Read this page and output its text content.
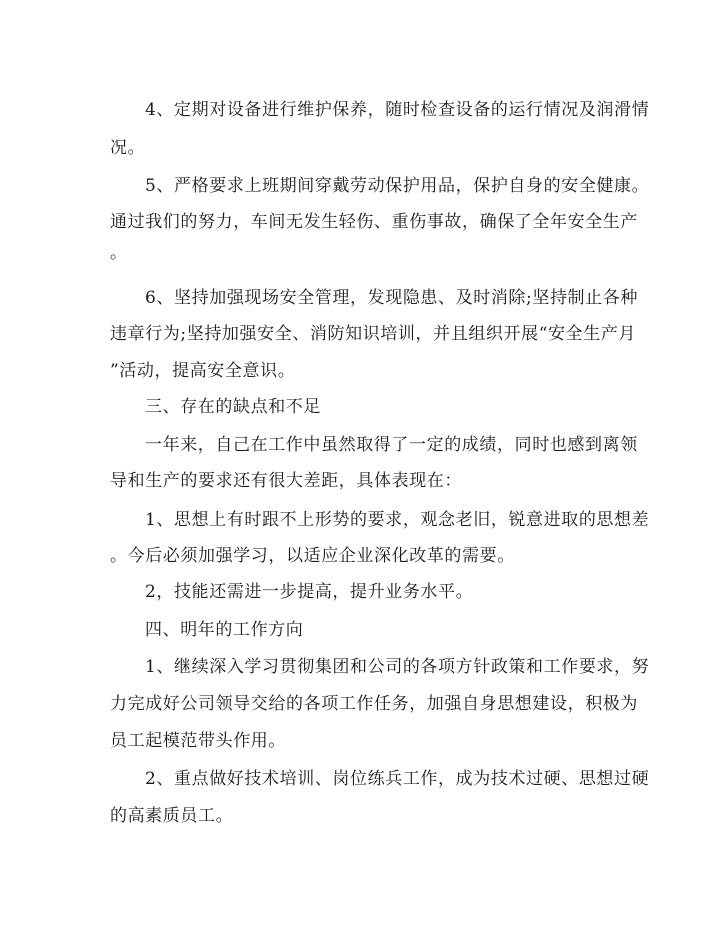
4、定期对设备进行维护保养，随时检查设备的运行情况及润滑情

况。

5、严格要求上班期间穿戴劳动保护用品，保护自身的安全健康。

通过我们的努力，车间无发生轻伤、重伤事故，确保了全年安全生产

。

6、坚持加强现场安全管理，发现隐患、及时消除;坚持制止各种

违章行为;坚持加强安全、消防知识培训，并且组织开展“安全生产月

”活动，提高安全意识。

三、存在的缺点和不足

一年来，自己在工作中虽然取得了一定的成绩，同时也感到离领

导和生产的要求还有很大差距，具体表现在：

1、思想上有时跟不上形势的要求，观念老旧，锐意进取的思想差

。今后必须加强学习，以适应企业深化改革的需要。

2，技能还需进一步提高，提升业务水平。

四、明年的工作方向

1、继续深入学习贯彻集团和公司的各项方针政策和工作要求，努

力完成好公司领导交给的各项工作任务，加强自身思想建设，积极为

员工起模范带头作用。

2、重点做好技术培训、岗位练兵工作，成为技术过硬、思想过硬

的高素质员工。
